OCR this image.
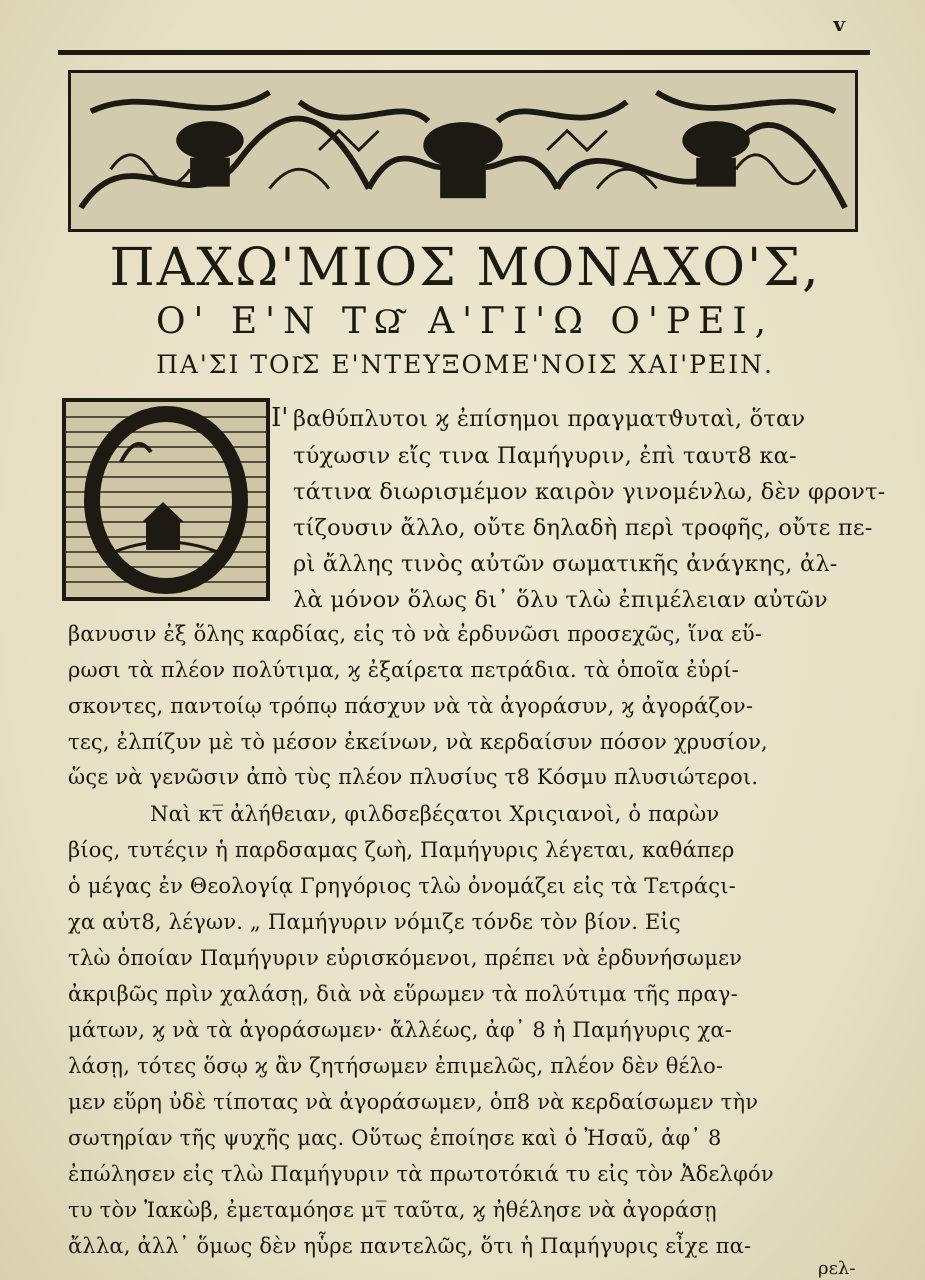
v
ΠΑΧΩ'ΜΙΟΣ ΜΟΝΑΧΟ'Σ,
Ο' Ε'Ν ΤΩ͂ Α'ΓΙ'Ω Ο'ΡΕΙ,
ΠΑ'ΣΙ ΤΟΙ͂Σ Ε'ΝΤΕΥΞΟΜΕ'ΝΟΙΣ ΧΑΙ'ΡΕΙΝ.
Ι' βαθύπλυτοι ϗ ἐπίσημοι πραγματϑυταὶ, ὅταν
τύχωσιν εἴς τινα Παμήγυριν, ἐπὶ ταυτ8 κα-
τάτινα διωρισμέμον καιρὸν γινομένλω, δὲν φροντ-
τίζουσιν ἄλλο, οὔτε δηλαδὴ περὶ τροφῆς, οὔτε πε-
ρὶ ἄλλης τινὸς αὐτῶν σωματικῆς ἀνάγκης, ἀλ-
λὰ μόνον ὅλως δι᾽ ὅλυ τλὼ ἐπιμέλειαν αὐτῶν
βανυσιν ἐξ ὅλης καρδίας, εἰς τὸ νὰ ἐρδυνῶσι προσεχῶς, ἵνα εὕ-
ρωσι τὰ πλέον πολύτιμα, ϗ ἐξαίρετα πετράδια. τὰ ὁποῖα ἐὑρί-
σκοντες, παντοίῳ τρόπῳ πάσχυν νὰ τὰ ἀγοράσυν, ϗ ἀγοράζον-
τες, ἐλπίζυν μὲ τὸ μέσον ἐκείνων, νὰ κερδαίσυν πόσον χρυσίον,
ὥςε νὰ γενῶσιν ἀπὸ τὺς πλέον πλυσίυς τ8 Κόσμυ πλυσιώτεροι.
Ναὶ κτ̅ ἀλήθειαν, φιλδσεβέςατοι Χριςιανοὶ, ὁ παρὼν
βίος, τυτέςιν ἡ παρδσαμας ζωὴ, Παμήγυρις λέγεται, καθάπερ
ὁ μέγας ἐν Θεολογίᾳ Γρηγόριος τλὼ ὀνομάζει εἰς τὰ Τετράςι-
χα αὐτ8, λέγων. „ Παμήγυριν νόμιζε τόνδε τὸν βίον. Εἰς
τλὼ ὁποίαν Παμήγυριν εὑρισκόμενοι, πρέπει νὰ ἐρδυνήσωμεν
ἀκριβῶς πρὶν χαλάσῃ, διὰ νὰ εὕρωμεν τὰ πολύτιμα τῆς πραγ-
μάτων, ϗ νὰ τὰ ἀγοράσωμεν· ἄλλέως, ἀφ᾽ 8 ἡ Παμήγυρις χα-
λάσῃ, τότες ὅσῳ ϗ ἂν ζητήσωμεν ἐπιμελῶς, πλέον δὲν θέλο-
μεν εὕρη ὐδὲ τίποτας νὰ ἀγοράσωμεν, ὁπ8 νὰ κερδαίσωμεν τὴν
σωτηρίαν τῆς ψυχῆς μας. Οὕτως ἐποίησε καὶ ὁ Ἠσαῦ, ἀφ᾽ 8
ἐπώλησεν εἰς τλὼ Παμήγυριν τὰ πρωτοτόκιά τυ εἰς τὸν Ἀδελφόν
τυ τὸν Ἰακὼβ, ἐμεταμόησε μτ̅ ταῦτα, ϗ ἠθέλησε νὰ ἀγοράσῃ
ἄλλα, ἀλλ᾽ ὅμως δὲν ηὗρε παντελῶς, ὅτι ἡ Παμήγυρις εἶχε πα-
ρελ-
